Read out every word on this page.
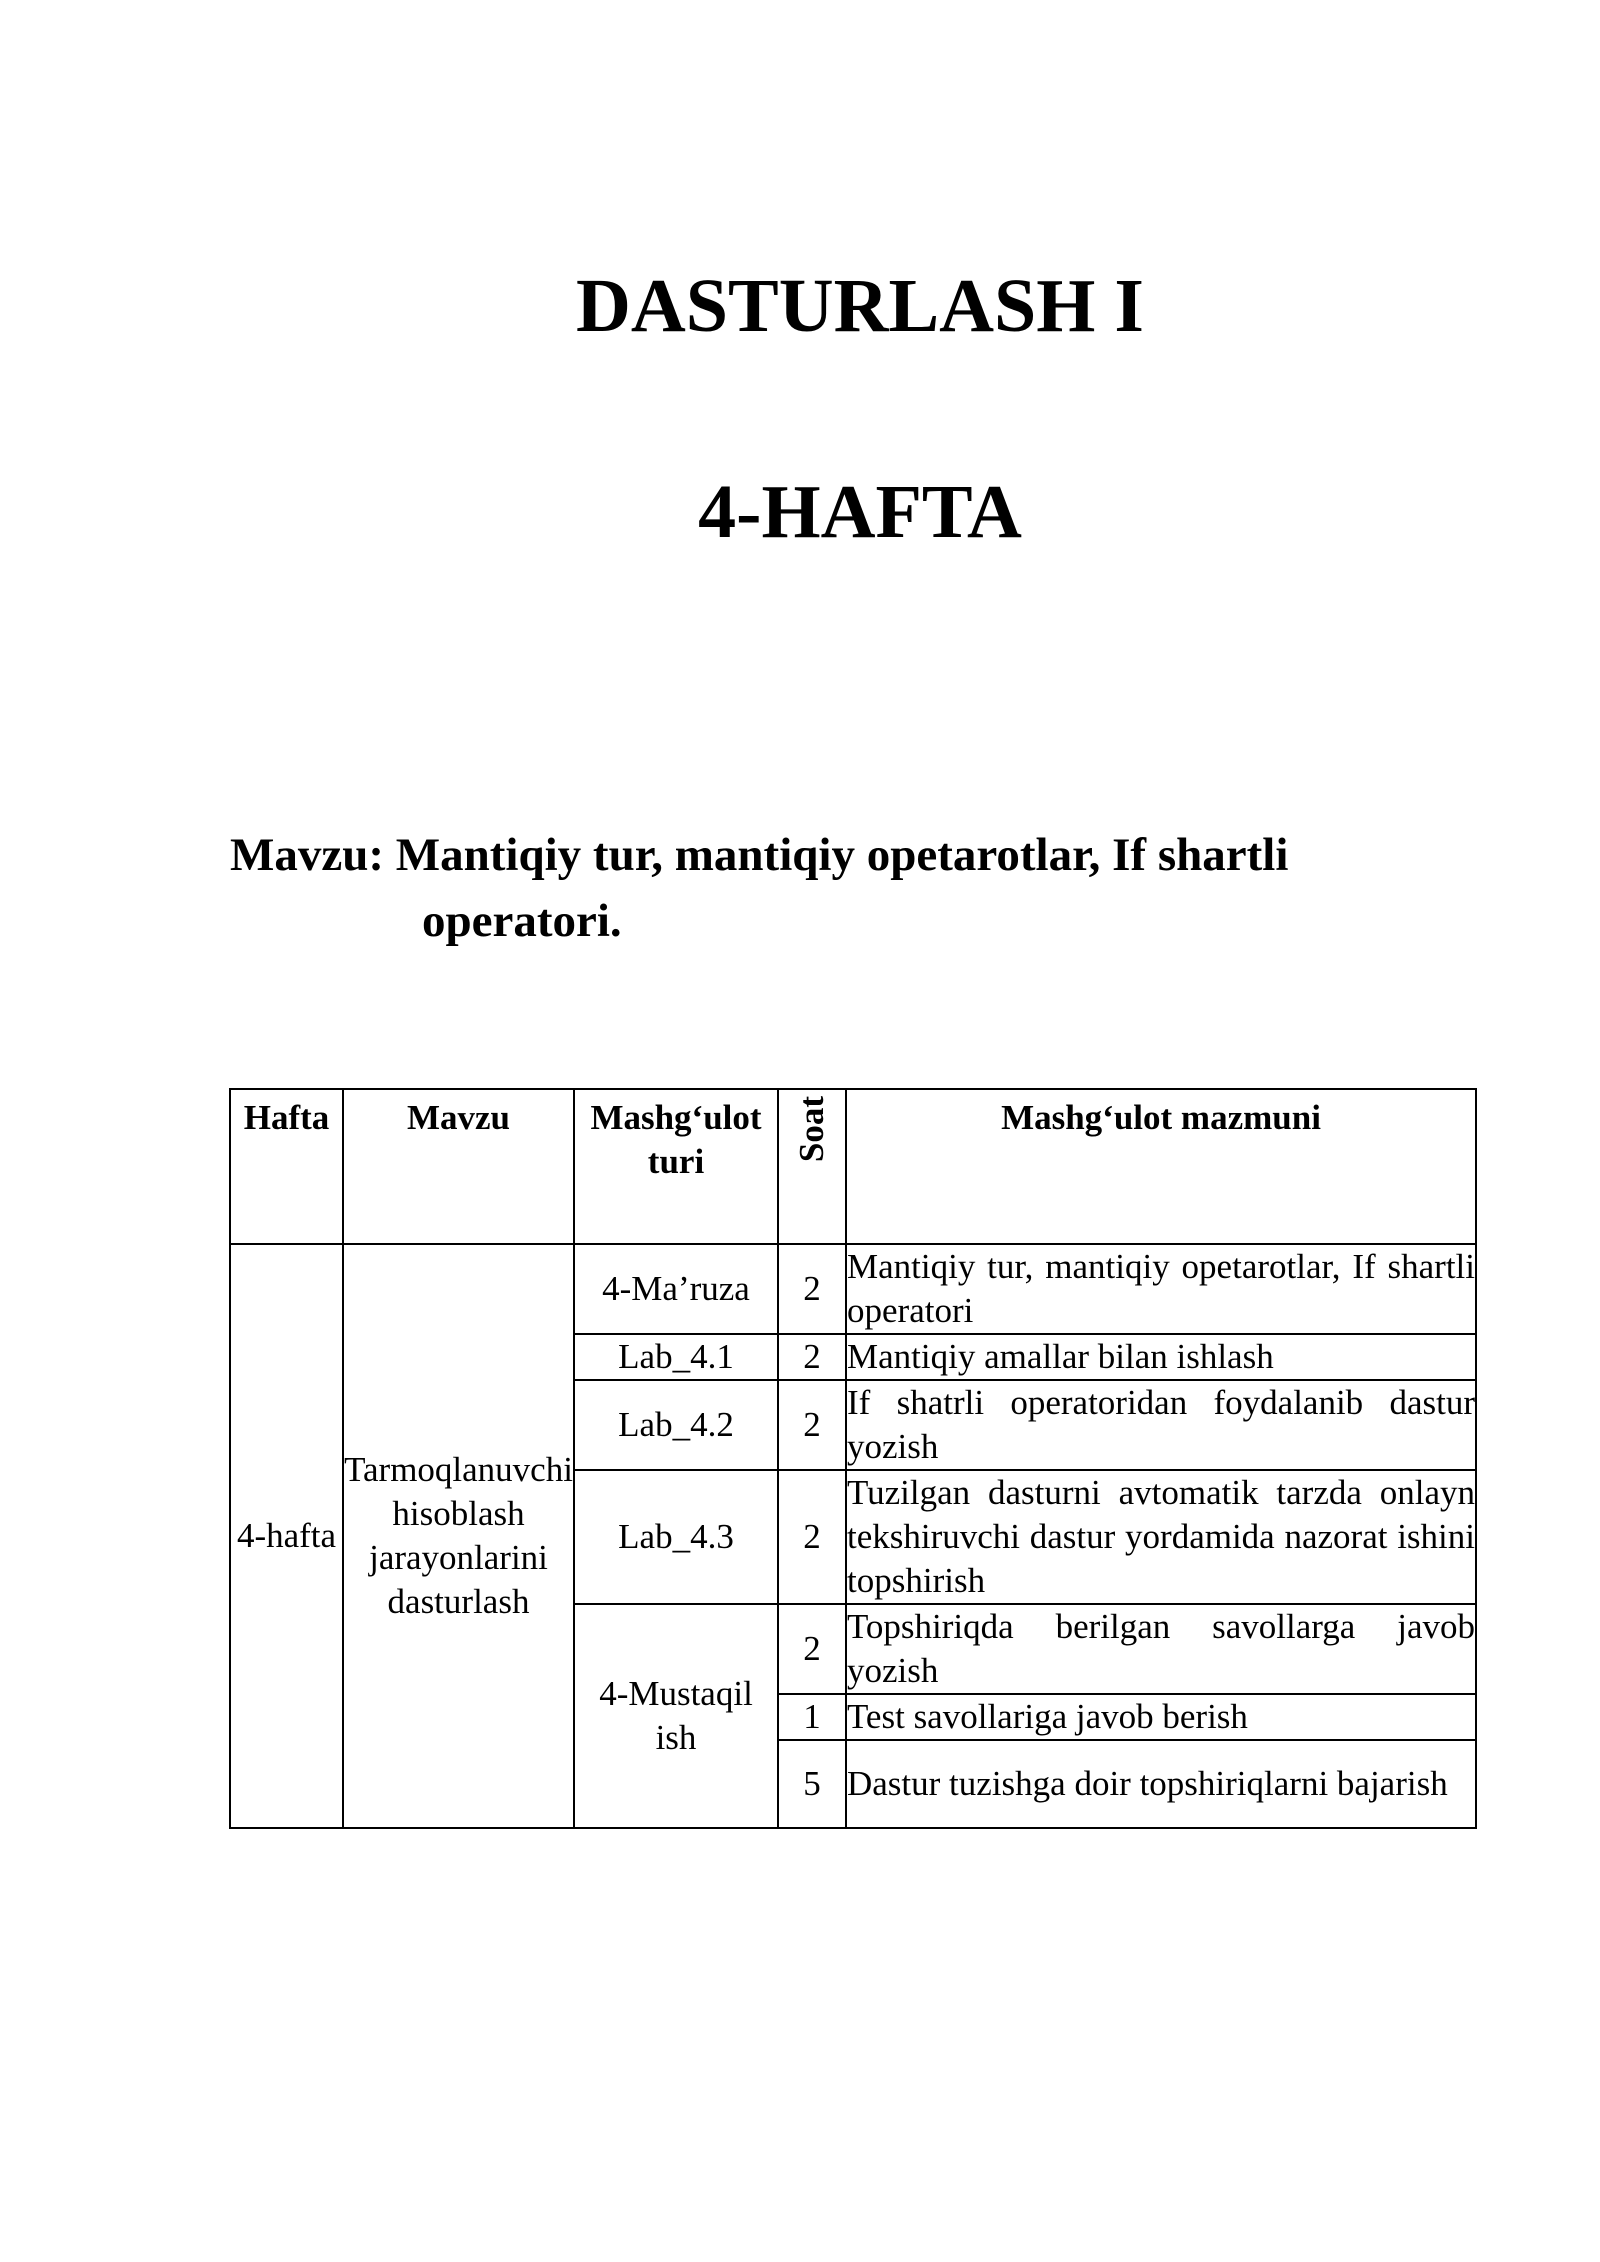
DASTURLASH I
4-HAFTA
Mavzu: Mantiqiy tur, mantiqiy opetarotlar, If shartli
operatori.
Hafta	Mavzu	Mashg‘ulot turi	Soat	Mashg‘ulot mazmuni
4-hafta	Tarmoqlanuvchi hisoblash jarayonlarini dasturlash	4-Ma’ruza	2	Mantiqiy tur, mantiqiy opetarotlar, If shartli operatori
		Lab_4.1	2	Mantiqiy amallar bilan ishlash
		Lab_4.2	2	If shatrli operatoridan foydalanib dastur yozish
		Lab_4.3	2	Tuzilgan dasturni avtomatik tarzda onlayn tekshiruvchi dastur yordamida nazorat ishini topshirish
		4-Mustaqil ish	2	Topshiriqda berilgan savollarga javob yozish
			1	Test savollariga javob berish
			5	Dastur tuzishga doir topshiriqlarni bajarish
